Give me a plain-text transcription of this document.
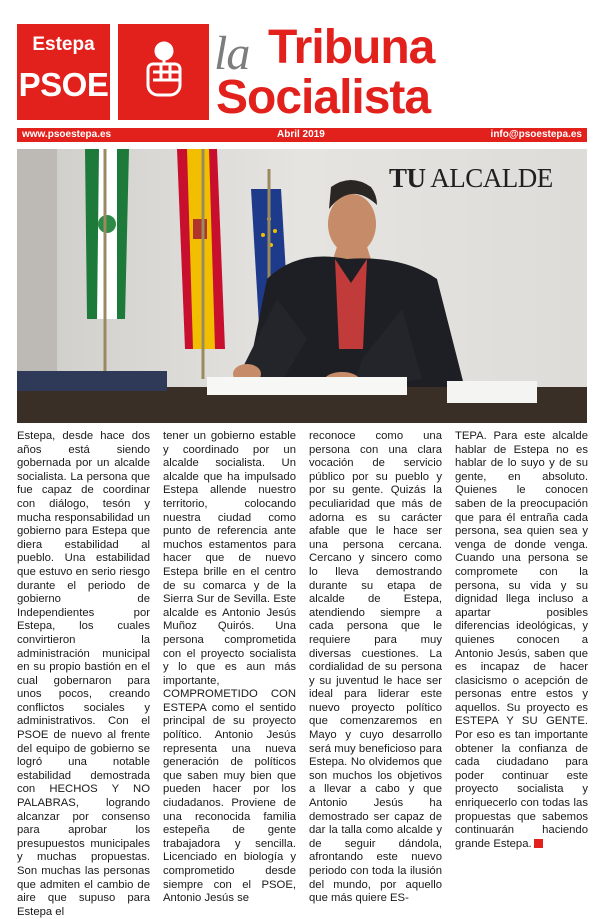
Estepa
PSOE
la Tribuna
Socialista
www.psoestepa.es	Abril 2019	info@psoestepa.es
TU ALCALDE
Estepa, desde hace dos años está siendo gobernada por un alcalde socialista. La persona que fue capaz de coordinar con diálogo, tesón y mucha responsabilidad un gobierno para Estepa que diera estabilidad al pueblo. Una estabilidad que estuvo en serio riesgo durante el periodo de gobierno de Independientes por Estepa, los cuales convirtieron la administración municipal en su propio bastión en el cual gobernaron para unos pocos, creando conflictos sociales y administrativos. Con el PSOE de nuevo al frente del equipo de gobierno se logró una notable estabilidad demostrada con HECHOS Y NO PALABRAS, logrando alcanzar por consenso para aprobar los presupuestos municipales y muchas propuestas. Son muchas las personas que admiten el cambio de aire que supuso para Estepa el
tener un gobierno estable y coordinado por un alcalde socialista. Un alcalde que ha impulsado Estepa allende nuestro territorio, colocando nuestra ciudad como punto de referencia ante muchos estamentos para hacer que de nuevo Estepa brille en el centro de su comarca y de la Sierra Sur de Sevilla. Este alcalde es Antonio Jesús Muñoz Quirós. Una persona comprometida con el proyecto socialista y lo que es aun más importante, COMPROMETIDO CON ESTEPA como el sentido principal de su proyecto político. Antonio Jesús representa una nueva generación de políticos que saben muy bien que pueden hacer por los ciudadanos. Proviene de una reconocida familia estepeña de gente trabajadora y sencilla. Licenciado en biología y comprometido desde siempre con el PSOE, Antonio Jesús se
reconoce como una persona con una clara vocación de servicio público por su pueblo y por su gente. Quizás la peculiaridad que más de adorna es su carácter afable que le hace ser una persona cercana. Cercano y sincero como lo lleva demostrando durante su etapa de alcalde de Estepa, atendiendo siempre a cada persona que le requiere para muy diversas cuestiones. La cordialidad de su persona y su juventud le hace ser ideal para liderar este nuevo proyecto político que comenzaremos en Mayo y cuyo desarrollo será muy beneficioso para Estepa. No olvidemos que son muchos los objetivos a llevar a cabo y que Antonio Jesús ha demostrado ser capaz de dar la talla como alcalde y de seguir dándola, afrontando este nuevo periodo con toda la ilusión del mundo, por aquello que más quiere ES-
TEPA. Para este alcalde hablar de Estepa no es hablar de lo suyo y de su gente, en absoluto. Quienes le conocen saben de la preocupación que para él entraña cada persona, sea quien sea y venga de donde venga. Cuando una persona se compromete con la persona, su vida y su dignidad llega incluso a apartar posibles diferencias ideológicas, y quienes conocen a Antonio Jesús, saben que es incapaz de hacer clasicismo o acepción de personas entre estos y aquellos. Su proyecto es ESTEPA Y SU GENTE. Por eso es tan importante obtener la confianza de cada ciudadano para poder continuar este proyecto socialista y enriquecerlo con todas las propuestas que sabemos continuarán haciendo grande Estepa.
